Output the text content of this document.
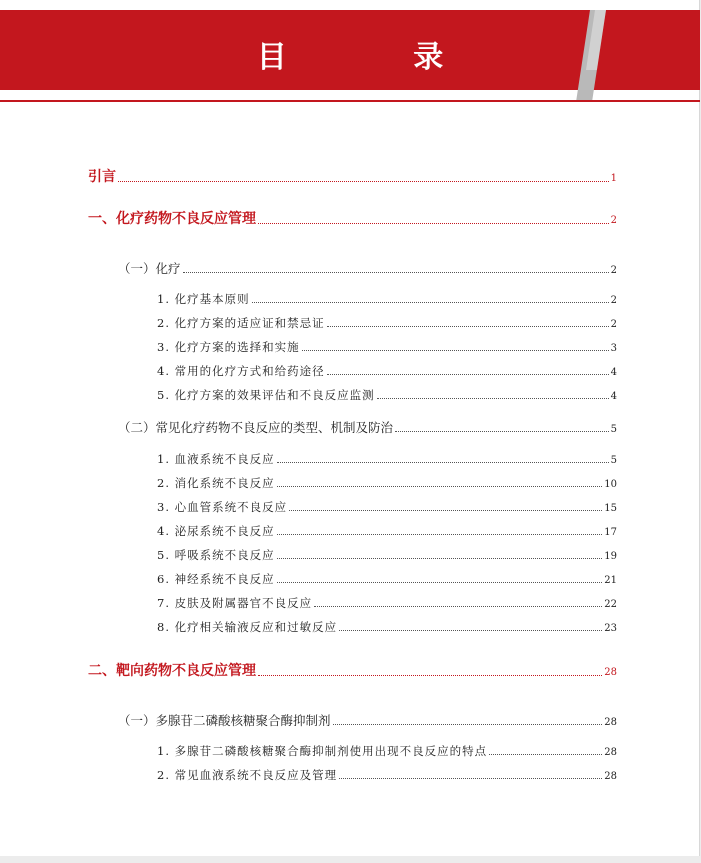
目 录
引言	1
一、化疗药物不良反应管理	2
（一）化疗	2
1. 化疗基本原则	2
2. 化疗方案的适应证和禁忌证	2
3. 化疗方案的选择和实施	3
4. 常用的化疗方式和给药途径	4
5. 化疗方案的效果评估和不良反应监测	4
（二）常见化疗药物不良反应的类型、机制及防治	5
1. 血液系统不良反应	5
2. 消化系统不良反应	10
3. 心血管系统不良反应	15
4. 泌尿系统不良反应	17
5. 呼吸系统不良反应	19
6. 神经系统不良反应	21
7. 皮肤及附属器官不良反应	22
8. 化疗相关输液反应和过敏反应	23
二、靶向药物不良反应管理	28
（一）多腺苷二磷酸核糖聚合酶抑制剂	28
1. 多腺苷二磷酸核糖聚合酶抑制剂使用出现不良反应的特点	28
2. 常见血液系统不良反应及管理	28
